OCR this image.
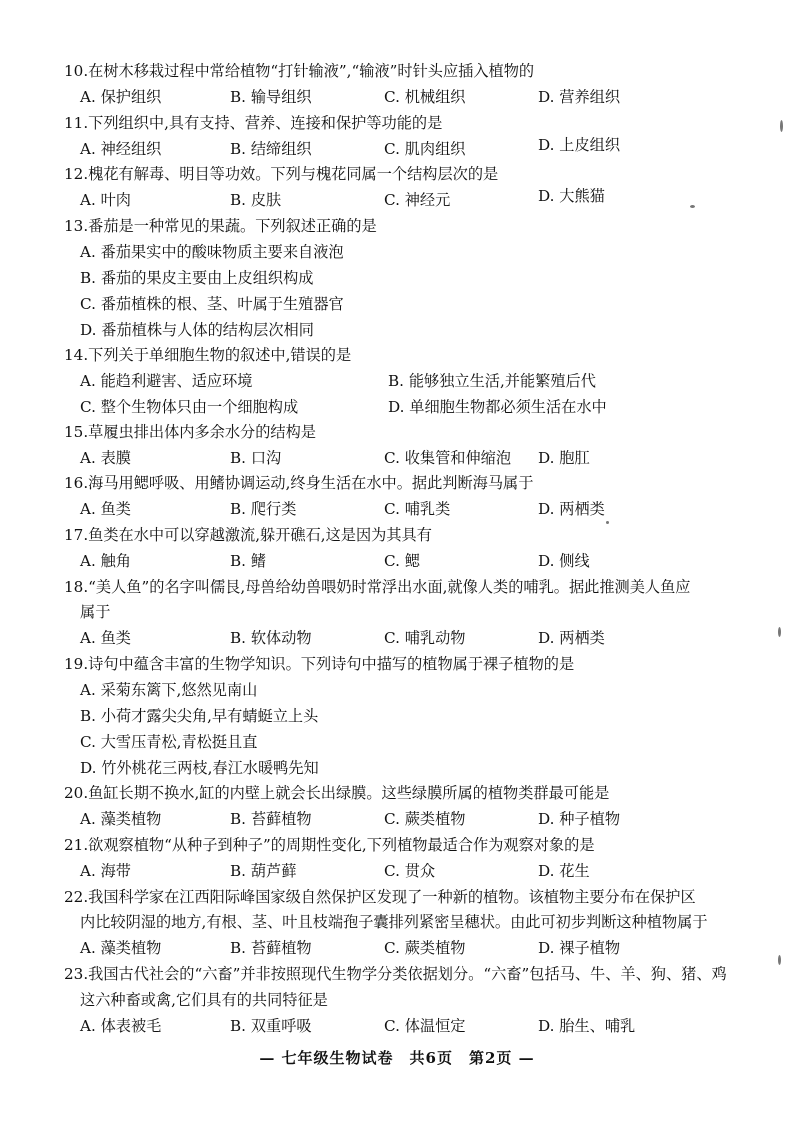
10.在树木移栽过程中常给植物“打针输液”,“输液”时针头应插入植物的
A. 保护组织	B. 输导组织	C. 机械组织	D. 营养组织
11.下列组织中,具有支持、营养、连接和保护等功能的是
A. 神经组织	B. 结缔组织	C. 肌肉组织	D. 上皮组织
12.槐花有解毒、明目等功效。下列与槐花同属一个结构层次的是
A. 叶肉	B. 皮肤	C. 神经元	D. 大熊猫
13.番茄是一种常见的果蔬。下列叙述正确的是
A. 番茄果实中的酸味物质主要来自液泡
B. 番茄的果皮主要由上皮组织构成
C. 番茄植株的根、茎、叶属于生殖器官
D. 番茄植株与人体的结构层次相同
14.下列关于单细胞生物的叙述中,错误的是
A. 能趋利避害、适应环境	B. 能够独立生活,并能繁殖后代
C. 整个生物体只由一个细胞构成	D. 单细胞生物都必须生活在水中
15.草履虫排出体内多余水分的结构是
A. 表膜	B. 口沟	C. 收集管和伸缩泡 D. 胞肛
16.海马用鳃呼吸、用鳍协调运动,终身生活在水中。据此判断海马属于
A. 鱼类	B. 爬行类	C. 哺乳类	D. 两栖类
17.鱼类在水中可以穿越激流,躲开礁石,这是因为其具有
A. 触角	B. 鳍	C. 鳃	D. 侧线
18.“美人鱼”的名字叫儒艮,母兽给幼兽喂奶时常浮出水面,就像人类的哺乳。据此推测美人鱼应
属于
A. 鱼类	B. 软体动物	C. 哺乳动物	D. 两栖类
19.诗句中蕴含丰富的生物学知识。下列诗句中描写的植物属于裸子植物的是
A. 采菊东篱下,悠然见南山
B. 小荷才露尖尖角,早有蜻蜓立上头
C. 大雪压青松,青松挺且直
D. 竹外桃花三两枝,春江水暖鸭先知
20.鱼缸长期不换水,缸的内壁上就会长出绿膜。这些绿膜所属的植物类群最可能是
A. 藻类植物	B. 苔藓植物	C. 蕨类植物	D. 种子植物
21.欲观察植物“从种子到种子”的周期性变化,下列植物最适合作为观察对象的是
A. 海带	B. 葫芦藓	C. 贯众	D. 花生
22.我国科学家在江西阳际峰国家级自然保护区发现了一种新的植物。该植物主要分布在保护区
内比较阴湿的地方,有根、茎、叶且枝端孢子囊排列紧密呈穗状。由此可初步判断这种植物属于
A. 藻类植物	B. 苔藓植物	C. 蕨类植物	D. 裸子植物
23.我国古代社会的“六畜”并非按照现代生物学分类依据划分。“六畜”包括马、牛、羊、狗、猪、鸡
这六种畜或禽,它们具有的共同特征是
A. 体表被毛	B. 双重呼吸	C. 体温恒定	D. 胎生、哺乳
— 七年级生物试卷　共6页　第2页 —
